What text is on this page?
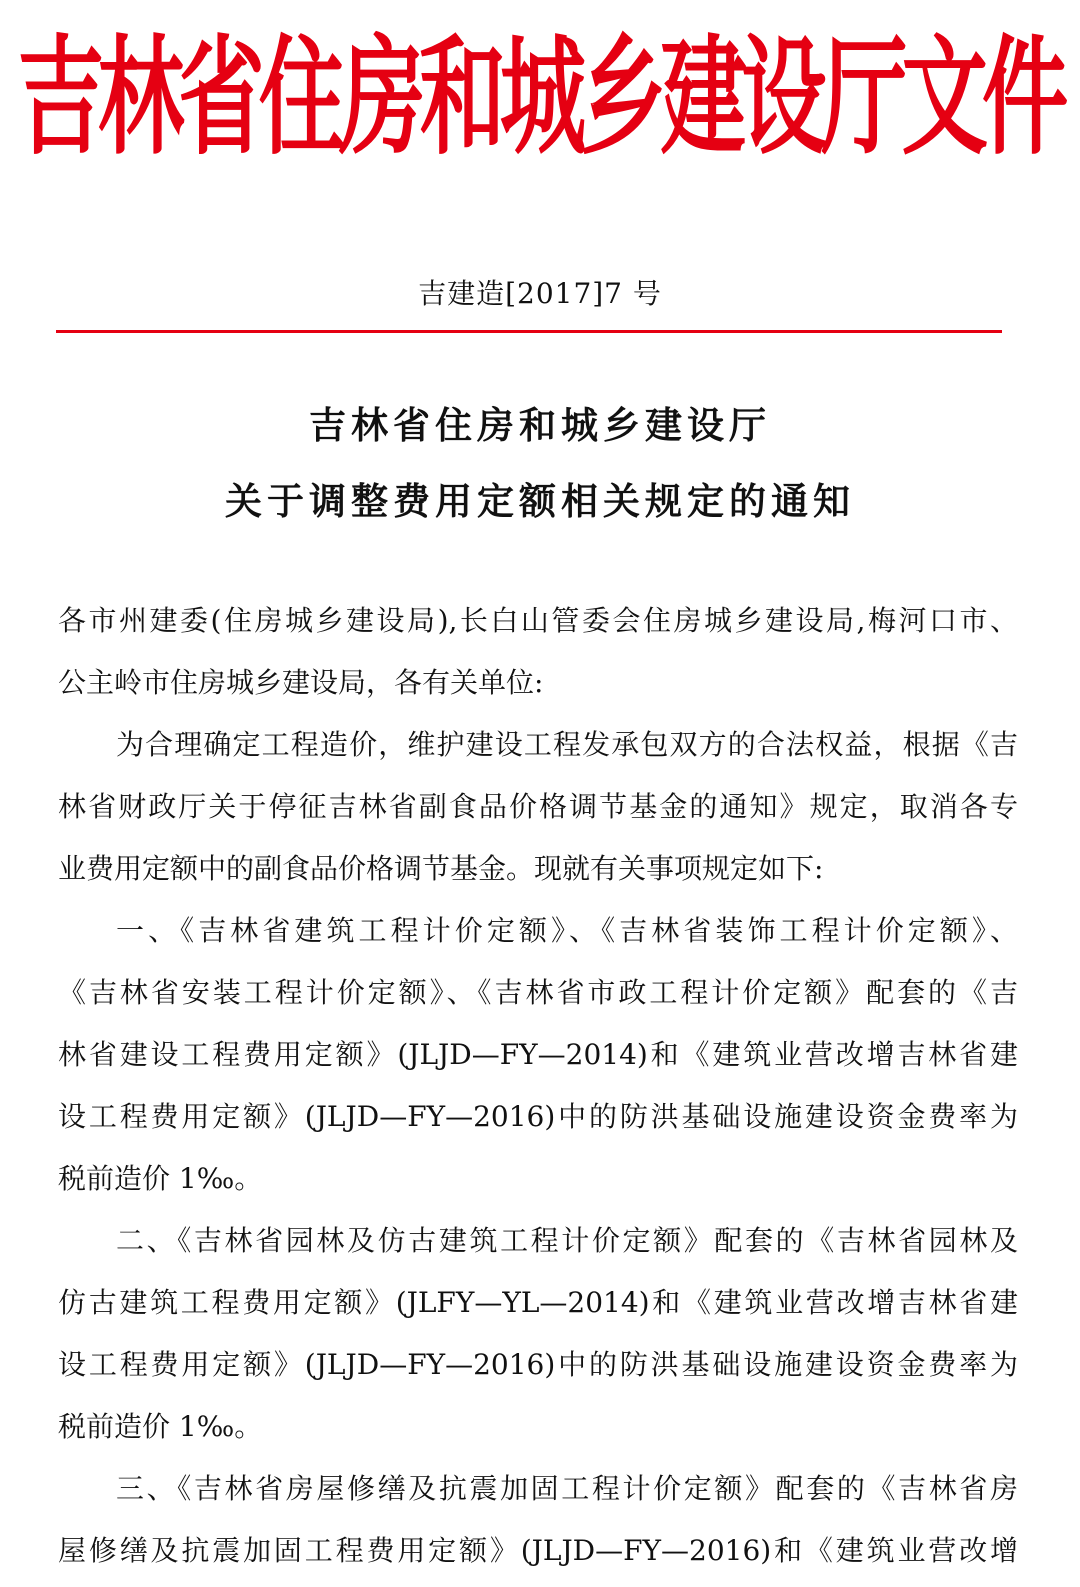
吉林省住房和城乡建设厅文件
吉建造[2017]7 号
吉林省住房和城乡建设厅
关于调整费用定额相关规定的通知
各市州建委(住房城乡建设局),长白山管委会住房城乡建设局,梅河口市、
公主岭市住房城乡建设局，各有关单位:
为合理确定工程造价，维护建设工程发承包双方的合法权益，根据《吉
林省财政厅关于停征吉林省副食品价格调节基金的通知》规定，取消各专
业费用定额中的副食品价格调节基金。现就有关事项规定如下:
一、《吉林省建筑工程计价定额》、《吉林省装饰工程计价定额》、
《吉林省安装工程计价定额》、《吉林省市政工程计价定额》配套的《吉
林省建设工程费用定额》(JLJD—FY—2014)和《建筑业营改增吉林省建
设工程费用定额》(JLJD—FY—2016)中的防洪基础设施建设资金费率为
税前造价 1‰。
二、《吉林省园林及仿古建筑工程计价定额》配套的《吉林省园林及
仿古建筑工程费用定额》(JLFY—YL—2014)和《建筑业营改增吉林省建
设工程费用定额》(JLJD—FY—2016)中的防洪基础设施建设资金费率为
税前造价 1‰。
三、《吉林省房屋修缮及抗震加固工程计价定额》配套的《吉林省房
屋修缮及抗震加固工程费用定额》(JLJD—FY—2016)和《建筑业营改增
